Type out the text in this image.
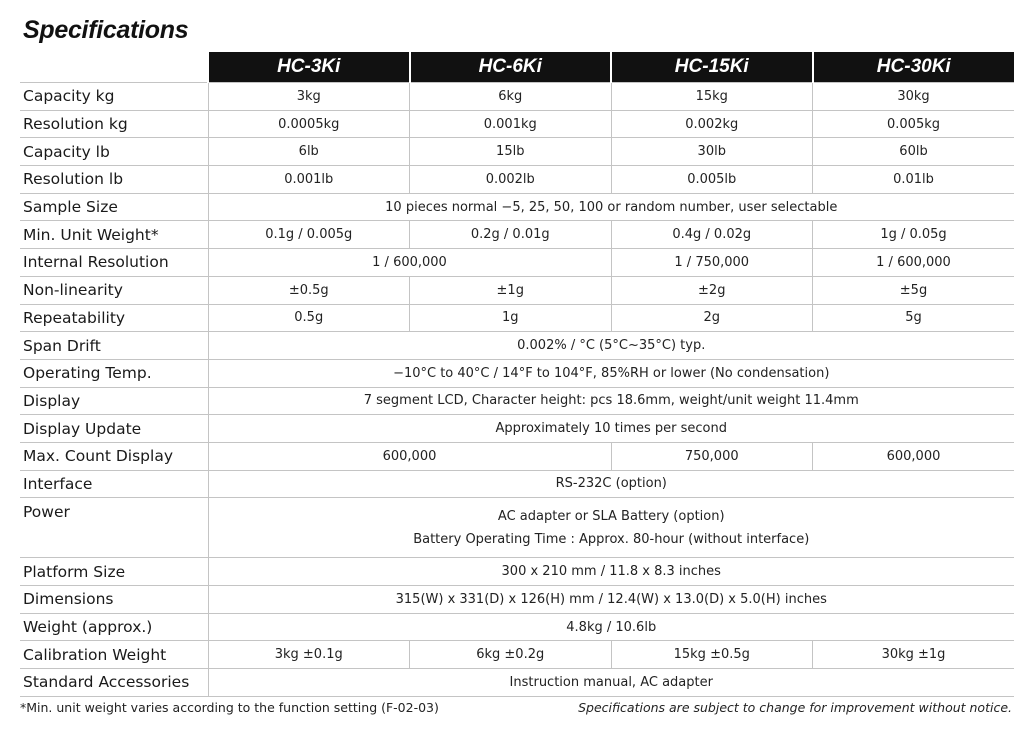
Specifications
	HC-3Ki	HC-6Ki	HC-15Ki	HC-30Ki
Capacity kg	3kg	6kg	15kg	30kg
Resolution kg	0.0005kg	0.001kg	0.002kg	0.005kg
Capacity lb	6lb	15lb	30lb	60lb
Resolution lb	0.001lb	0.002lb	0.005lb	0.01lb
Sample Size	10 pieces normal −5, 25, 50, 100 or random number, user selectable			
Min. Unit Weight*	0.1g / 0.005g	0.2g / 0.01g	0.4g / 0.02g	1g / 0.05g
Internal Resolution	1 / 600,000		1 / 750,000	1 / 600,000
Non-linearity	±0.5g	±1g	±2g	±5g
Repeatability	0.5g	1g	2g	5g
Span Drift	0.002% / °C (5°C~35°C) typ.			
Operating Temp.	−10°C to 40°C / 14°F to 104°F, 85%RH or lower (No condensation)			
Display	7 segment LCD, Character height: pcs 18.6mm, weight/unit weight 11.4mm			
Display Update	Approximately 10 times per second			
Max. Count Display	600,000		750,000	600,000
Interface	RS-232C (option)			
Power	AC adapter or SLA Battery (option)
Battery Operating Time : Approx. 80-hour (without interface)			

Platform Size	300 x 210 mm / 11.8 x 8.3 inches			
Dimensions	315(W) x 331(D) x 126(H) mm / 12.4(W) x 13.0(D) x 5.0(H) inches			
Weight (approx.)	4.8kg / 10.6lb			
Calibration Weight	3kg ±0.1g	6kg ±0.2g	15kg ±0.5g	30kg ±1g
Standard Accessories	Instruction manual, AC adapter			
*Min. unit weight varies according to the function setting (F-02-03)	Specifications are subject to change for improvement without notice.
